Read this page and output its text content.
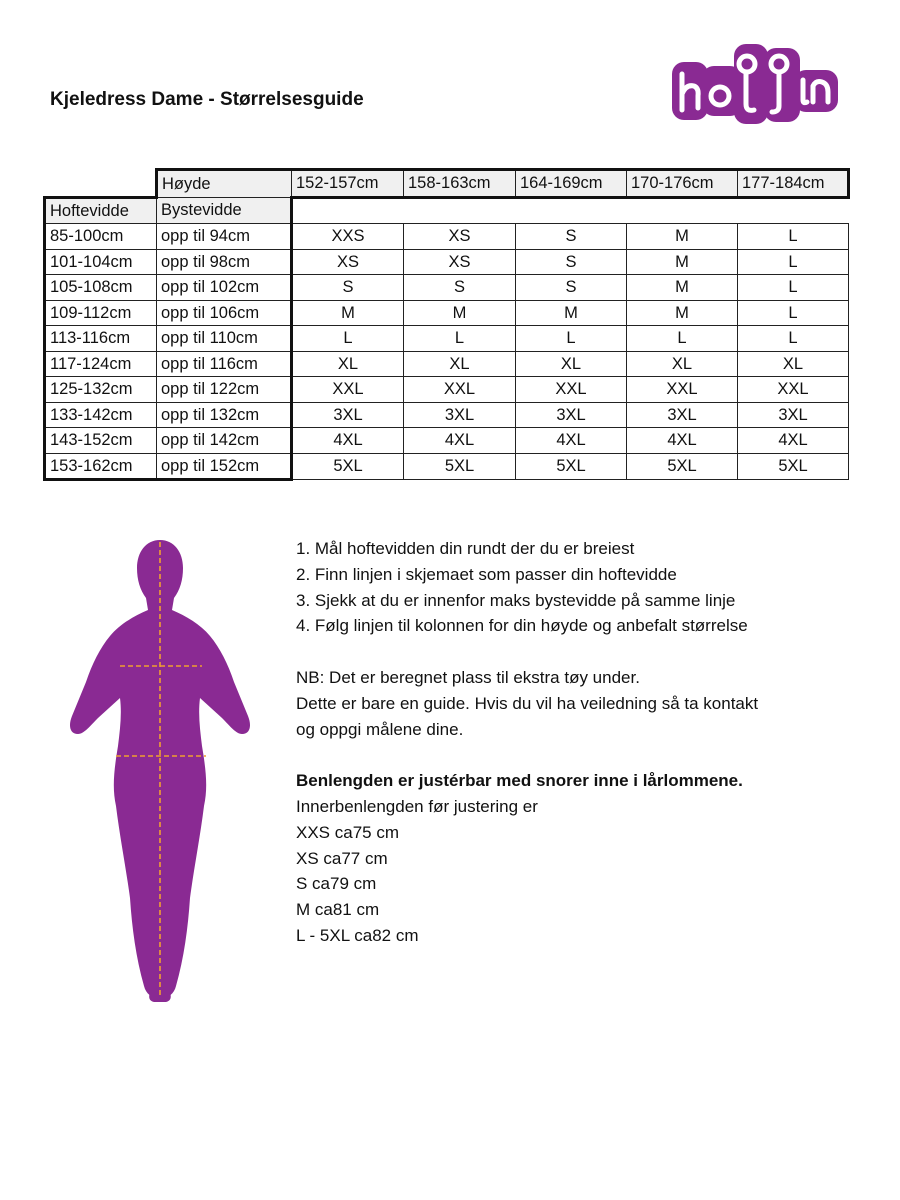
Kjeledress Dame - Størrelsesguide
	Høyde	152-157cm	158-163cm	164-169cm	170-176cm	177-184cm
Hoftevidde	Bystevidde					
85-100cm	opp til 94cm	XXS	XS	S	M	L
101-104cm	opp til 98cm	XS	XS	S	M	L
105-108cm	opp til 102cm	S	S	S	M	L
109-112cm	opp til 106cm	M	M	M	M	L
113-116cm	opp til 110cm	L	L	L	L	L
117-124cm	opp til 116cm	XL	XL	XL	XL	XL
125-132cm	opp til 122cm	XXL	XXL	XXL	XXL	XXL
133-142cm	opp til 132cm	3XL	3XL	3XL	3XL	3XL
143-152cm	opp til 142cm	4XL	4XL	4XL	4XL	4XL
153-162cm	opp til 152cm	5XL	5XL	5XL	5XL	5XL

1. Mål hoftevidden din rundt der du er breiest

2. Finn linjen i skjemaet som passer din hoftevidde

3. Sjekk at du er innenfor maks bystevidde på samme linje

4. Følg linjen til kolonnen for din høyde og anbefalt størrelse

NB: Det er beregnet plass til ekstra tøy under.

Dette er bare en guide. Hvis du vil ha veiledning så ta kontakt

og oppgi målene dine.

Benlengden er justérbar med snorer inne i lårlommene.

Innerbenlengden før justering er

XXS ca75 cm

XS ca77 cm

S ca79 cm

M ca81 cm

L - 5XL ca82 cm
